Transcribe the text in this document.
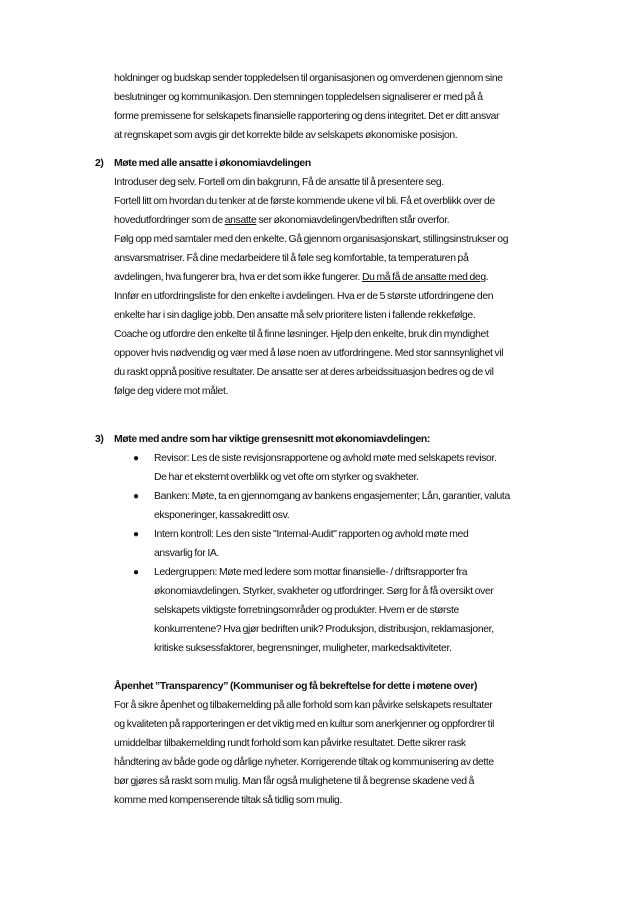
holdninger og budskap sender toppledelsen til organisasjonen og omverdenen gjennom sine
beslutninger og kommunikasjon. Den stemningen toppledelsen signaliserer er med på å
forme premissene for selskapets finansielle rapportering og dens integritet. Det er ditt ansvar
at regnskapet som avgis gir det korrekte bilde av selskapets økonomiske posisjon.
2) Møte med alle ansatte i økonomiavdelingen
Introduser deg selv. Fortell om din bakgrunn, Få de ansatte til å presentere seg.
Fortell litt om hvordan du tenker at de første kommende ukene vil bli. Få et overblikk over de
hovedutfordringer som de ansatte ser økonomiavdelingen/bedriften står overfor.
Følg opp med samtaler med den enkelte. Gå gjennom organisasjonskart, stillingsinstrukser og
ansvarsmatriser. Få dine medarbeidere til å føle seg komfortable, ta temperaturen på
avdelingen, hva fungerer bra, hva er det som ikke fungerer. Du må få de ansatte med deg.
Innfør en utfordringsliste for den enkelte i avdelingen. Hva er de 5 største utfordringene den
enkelte har i sin daglige jobb. Den ansatte må selv prioritere listen i fallende rekkefølge.
Coache og utfordre den enkelte til å finne løsninger. Hjelp den enkelte, bruk din myndighet
oppover hvis nødvendig og vær med å løse noen av utfordringene. Med stor sannsynlighet vil
du raskt oppnå positive resultater. De ansatte ser at deres arbeidssituasjon bedres og de vil
følge deg videre mot målet.
3) Møte med andre som har viktige grensesnitt mot økonomiavdelingen:
● Revisor: Les de siste revisjonsrapportene og avhold møte med selskapets revisor.
De har et eksternt overblikk og vet ofte om styrker og svakheter.
● Banken: Møte, ta en gjennomgang av bankens engasjementer; Lån, garantier, valuta
eksponeringer, kassakreditt osv.
● Intern kontroll: Les den siste "Internal-Audit" rapporten og avhold møte med
ansvarlig for IA.
● Ledergruppen: Møte med ledere som mottar finansielle- / driftsrapporter fra
økonomiavdelingen. Styrker, svakheter og utfordringer. Sørg for å få oversikt over
selskapets viktigste forretningsområder og produkter. Hvem er de største
konkurrentene? Hva gjør bedriften unik? Produksjon, distribusjon, reklamasjoner,
kritiske suksessfaktorer, begrensninger, muligheter, markedsaktiviteter.
Åpenhet ”Transparency” (Kommuniser og få bekreftelse for dette i møtene over)
For å sikre åpenhet og tilbakemelding på alle forhold som kan påvirke selskapets resultater
og kvaliteten på rapporteringen er det viktig med en kultur som anerkjenner og oppfordrer til
umiddelbar tilbakemelding rundt forhold som kan påvirke resultatet. Dette sikrer rask
håndtering av både gode og dårlige nyheter. Korrigerende tiltak og kommunisering av dette
bør gjøres så raskt som mulig. Man får også mulighetene til å begrense skadene ved å
komme med kompenserende tiltak så tidlig som mulig.
